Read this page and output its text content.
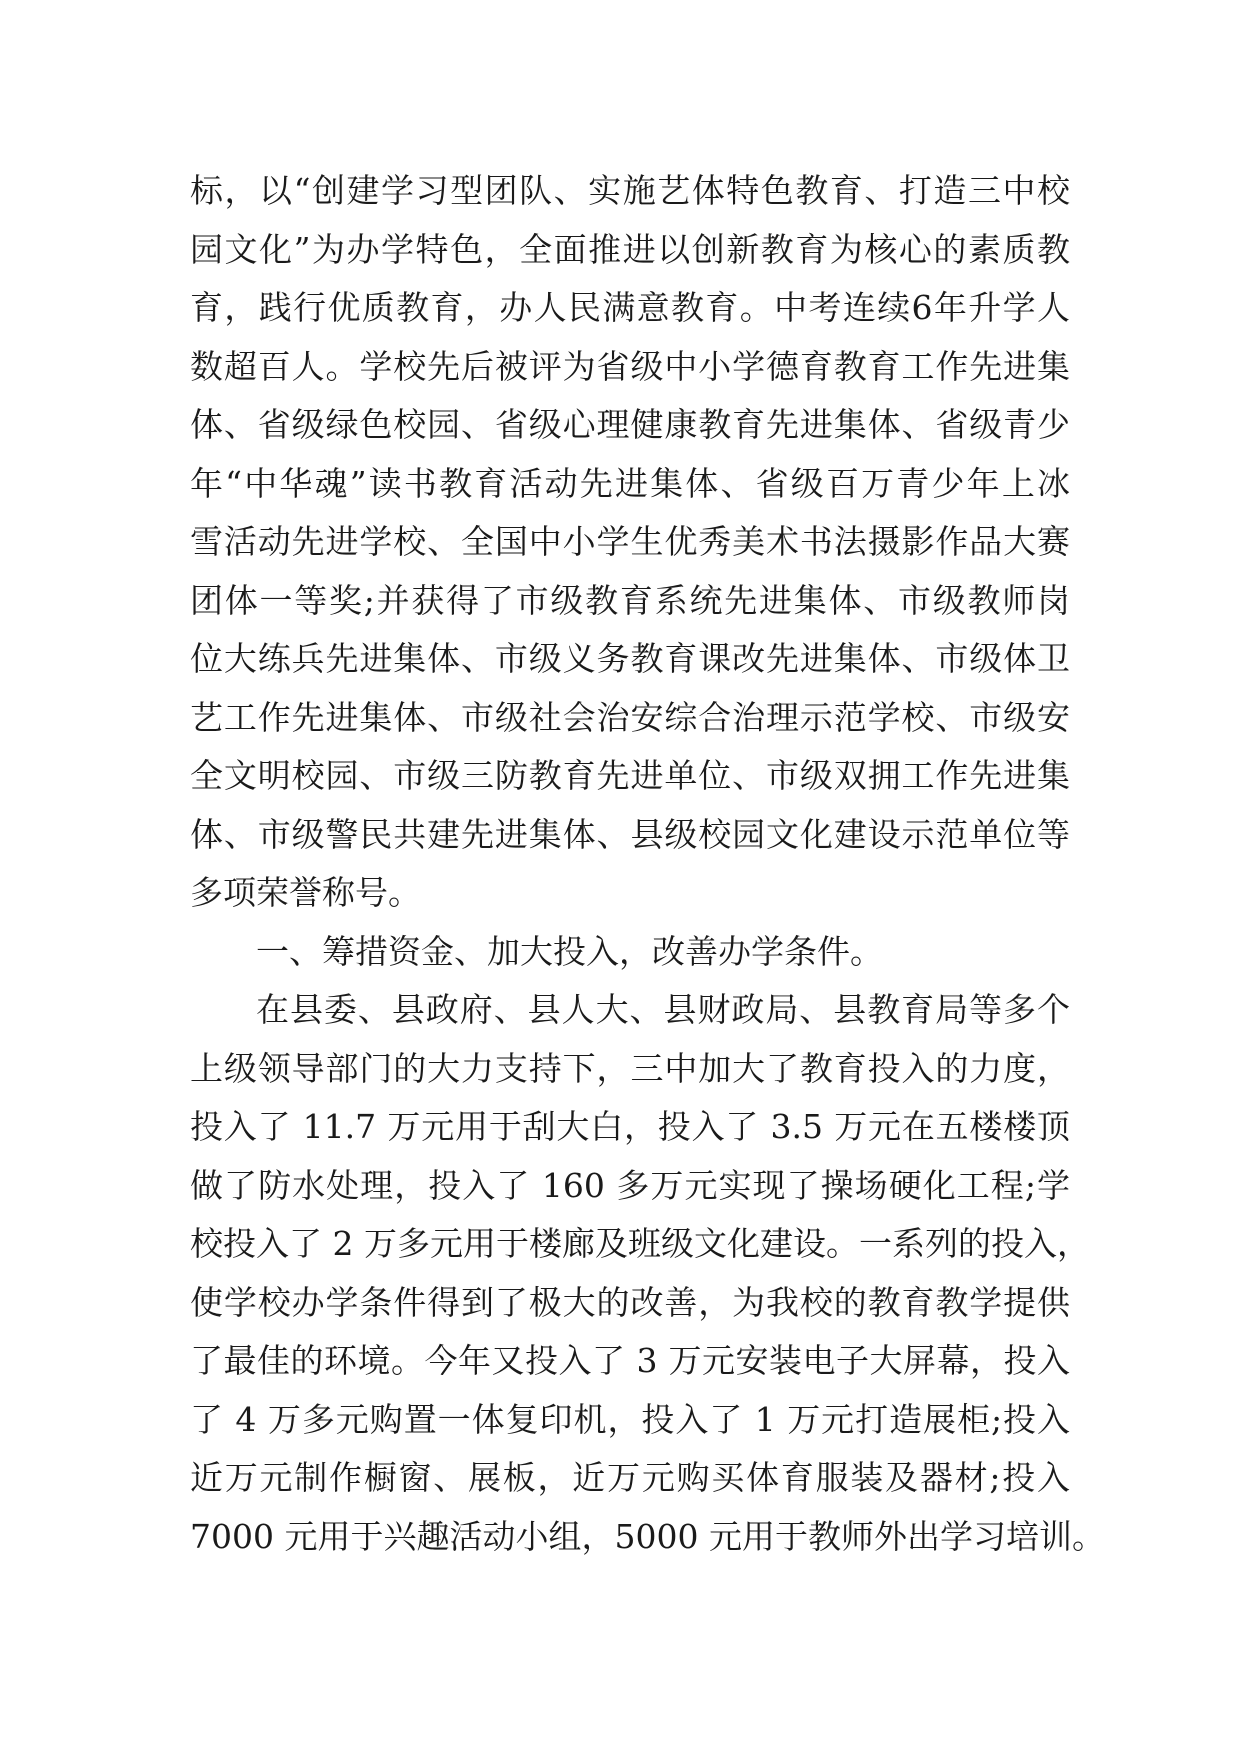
标，以“创建学习型团队、实施艺体特色教育、打造三中校
园文化”为办学特色，全面推进以创新教育为核心的素质教
育，践行优质教育，办人民满意教育。中考连续6年升学人
数超百人。学校先后被评为省级中小学德育教育工作先进集
体、省级绿色校园、省级心理健康教育先进集体、省级青少
年“中华魂”读书教育活动先进集体、省级百万青少年上冰
雪活动先进学校、全国中小学生优秀美术书法摄影作品大赛
团体一等奖;并获得了市级教育系统先进集体、市级教师岗
位大练兵先进集体、市级义务教育课改先进集体、市级体卫
艺工作先进集体、市级社会治安综合治理示范学校、市级安
全文明校园、市级三防教育先进单位、市级双拥工作先进集
体、市级警民共建先进集体、县级校园文化建设示范单位等
多项荣誉称号。
一、筹措资金、加大投入，改善办学条件。
在县委、县政府、县人大、县财政局、县教育局等多个
上级领导部门的大力支持下，三中加大了教育投入的力度，
投入了 11.7 万元用于刮大白，投入了 3.5 万元在五楼楼顶
做了防水处理，投入了 160 多万元实现了操场硬化工程;学
校投入了 2 万多元用于楼廊及班级文化建设。一系列的投入，
使学校办学条件得到了极大的改善，为我校的教育教学提供
了最佳的环境。今年又投入了 3 万元安装电子大屏幕，投入
了 4 万多元购置一体复印机，投入了 1 万元打造展柜;投入
近万元制作橱窗、展板，近万元购买体育服装及器材;投入
7000 元用于兴趣活动小组，5000 元用于教师外出学习培训。
